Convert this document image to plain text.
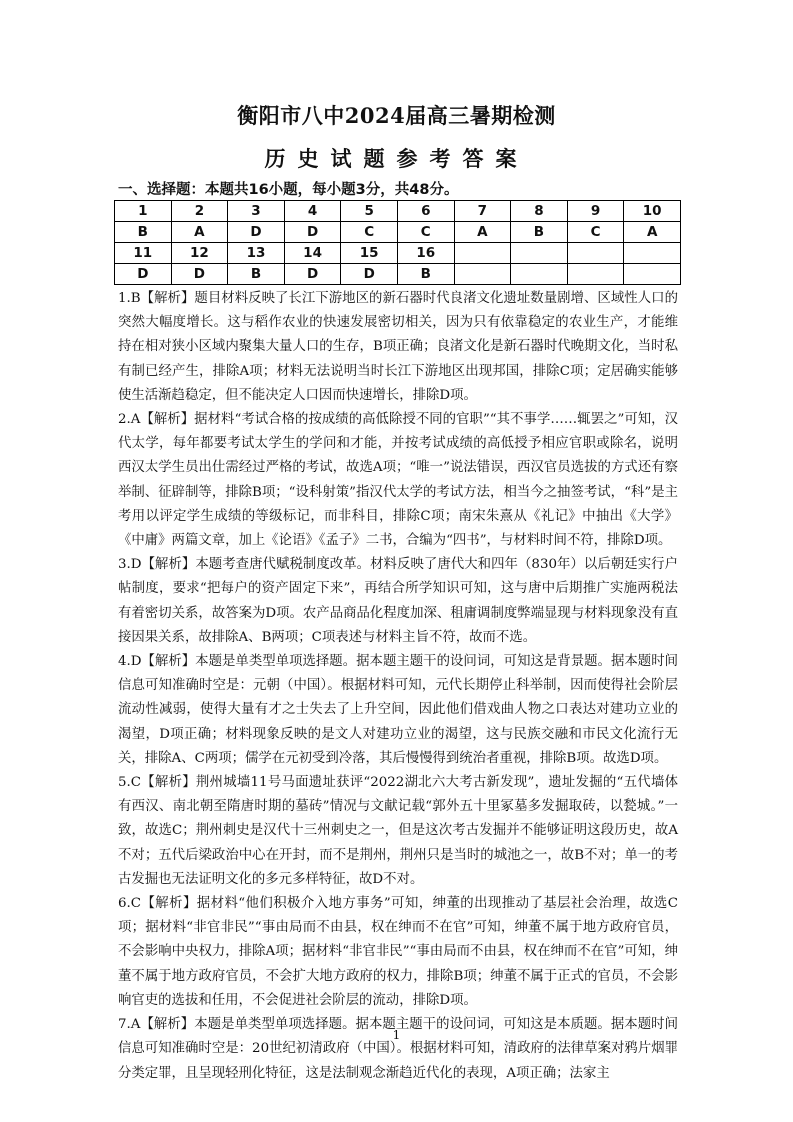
衡阳市八中2024届高三暑期检测
历史试题参考答案
一、选择题：本题共16小题，每小题3分，共48分。
1	2	3	4	5	6	7	8	9	10
B	A	D	D	C	C	A	B	C	A
11	12	13	14	15	16				
D	D	B	D	D	B				

1.B【解析】题目材料反映了长江下游地区的新石器时代良渚文化遗址数量剧增、区域性人口的突然大幅度增长。这与稻作农业的快速发展密切相关，因为只有依靠稳定的农业生产，才能维持在相对狭小区域内聚集大量人口的生存，B项正确；良渚文化是新石器时代晚期文化，当时私有制已经产生，排除A项；材料无法说明当时长江下游地区出现邦国，排除C项；定居确实能够使生活渐趋稳定，但不能决定人口因而快速增长，排除D项。

2.A【解析】据材料“考试合格的按成绩的高低除授不同的官职”“其不事学……辄罢之”可知，汉代太学，每年都要考试太学生的学问和才能，并按考试成绩的高低授予相应官职或除名，说明西汉太学生员出仕需经过严格的考试，故选A项；“唯一”说法错误，西汉官员选拔的方式还有察举制、征辟制等，排除B项；“设科射策”指汉代太学的考试方法，相当今之抽签考试，“科”是主考用以评定学生成绩的等级标记，而非科目，排除C项；南宋朱熹从《礼记》中抽出《大学》《中庸》两篇文章，加上《论语》《孟子》二书，合编为“四书”，与材料时间不符，排除D项。

3.D【解析】本题考查唐代赋税制度改革。材料反映了唐代大和四年（830年）以后朝廷实行户帖制度，要求“把每户的资产固定下来”，再结合所学知识可知，这与唐中后期推广实施两税法有着密切关系，故答案为D项。农产品商品化程度加深、租庸调制度弊端显现与材料现象没有直接因果关系，故排除A、B两项；C项表述与材料主旨不符，故而不选。

4.D【解析】本题是单类型单项选择题。据本题主题干的设问词，可知这是背景题。据本题时间信息可知准确时空是：元朝（中国）。根据材料可知，元代长期停止科举制，因而使得社会阶层流动性减弱，使得大量有才之士失去了上升空间，因此他们借戏曲人物之口表达对建功立业的渴望，D项正确；材料现象反映的是文人对建功立业的渴望，这与民族交融和市民文化流行无关，排除A、C两项；儒学在元初受到冷落，其后慢慢得到统治者重视，排除B项。故选D项。

5.C【解析】荆州城墙11号马面遗址获评“2022湖北六大考古新发现”，遗址发掘的“五代墙体有西汉、南北朝至隋唐时期的墓砖”情况与文献记载“郭外五十里冢墓多发掘取砖，以甃城。”一致，故选C；荆州刺史是汉代十三州刺史之一，但是这次考古发掘并不能够证明这段历史，故A不对；五代后梁政治中心在开封，而不是荆州，荆州只是当时的城池之一，故B不对；单一的考古发掘也无法证明文化的多元多样特征，故D不对。

6.C【解析】据材料“他们积极介入地方事务”可知，绅董的出现推动了基层社会治理，故选C项；据材料“非官非民”“事由局而不由县，权在绅而不在官”可知，绅董不属于地方政府官员，不会影响中央权力，排除A项；据材料“非官非民”“事由局而不由县，权在绅而不在官”可知，绅董不属于地方政府官员，不会扩大地方政府的权力，排除B项；绅董不属于正式的官员，不会影响官吏的选拔和任用，不会促进社会阶层的流动，排除D项。

7.A【解析】本题是单类型单项选择题。据本题主题干的设问词，可知这是本质题。据本题时间信息可知准确时空是：20世纪初清政府（中国）。根据材料可知，清政府的法律草案对鸦片烟罪分类定罪，且呈现轻刑化特征，这是法制观念渐趋近代化的表现，A项正确；法家主

1
